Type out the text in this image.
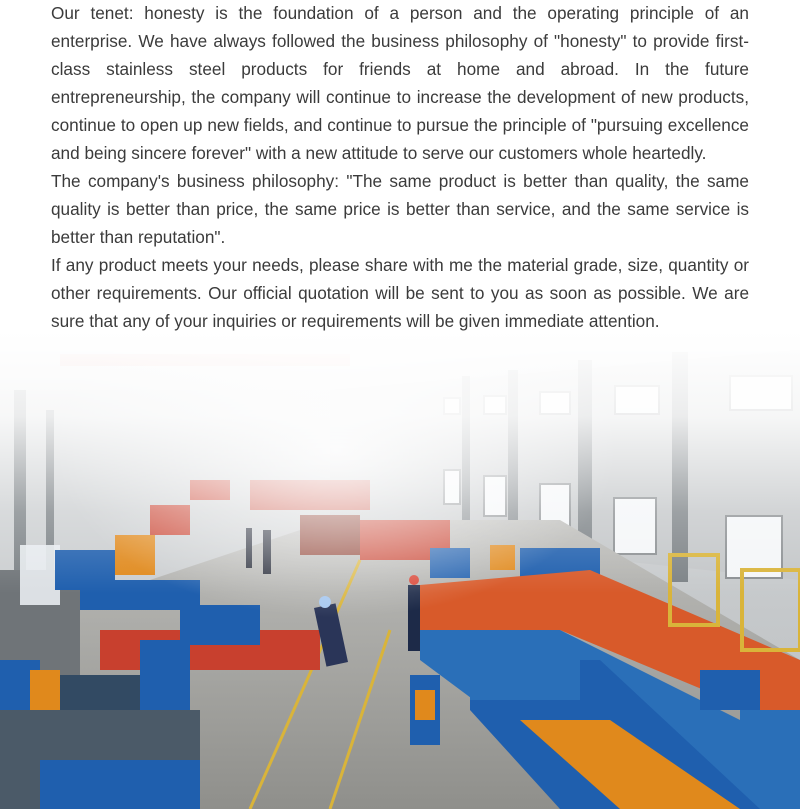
Our tenet: honesty is the foundation of a person and the operating principle of an enterprise. We have always followed the business philosophy of "honesty" to provide first-class stainless steel products for friends at home and abroad. In the future entrepreneurship, the company will continue to increase the development of new products, continue to open up new fields, and continue to pursue the principle of "pursuing excellence and being sincere forever" with a new attitude to serve our customers whole heartedly.

The company's business philosophy: "The same product is better than quality, the same quality is better than price, the same price is better than service, and the same service is better than reputation".

If any product meets your needs, please share with me the material grade, size, quantity or other requirements. Our official quotation will be sent to you as soon as possible. We are sure that any of your inquiries or requirements will be given immediate attention.
